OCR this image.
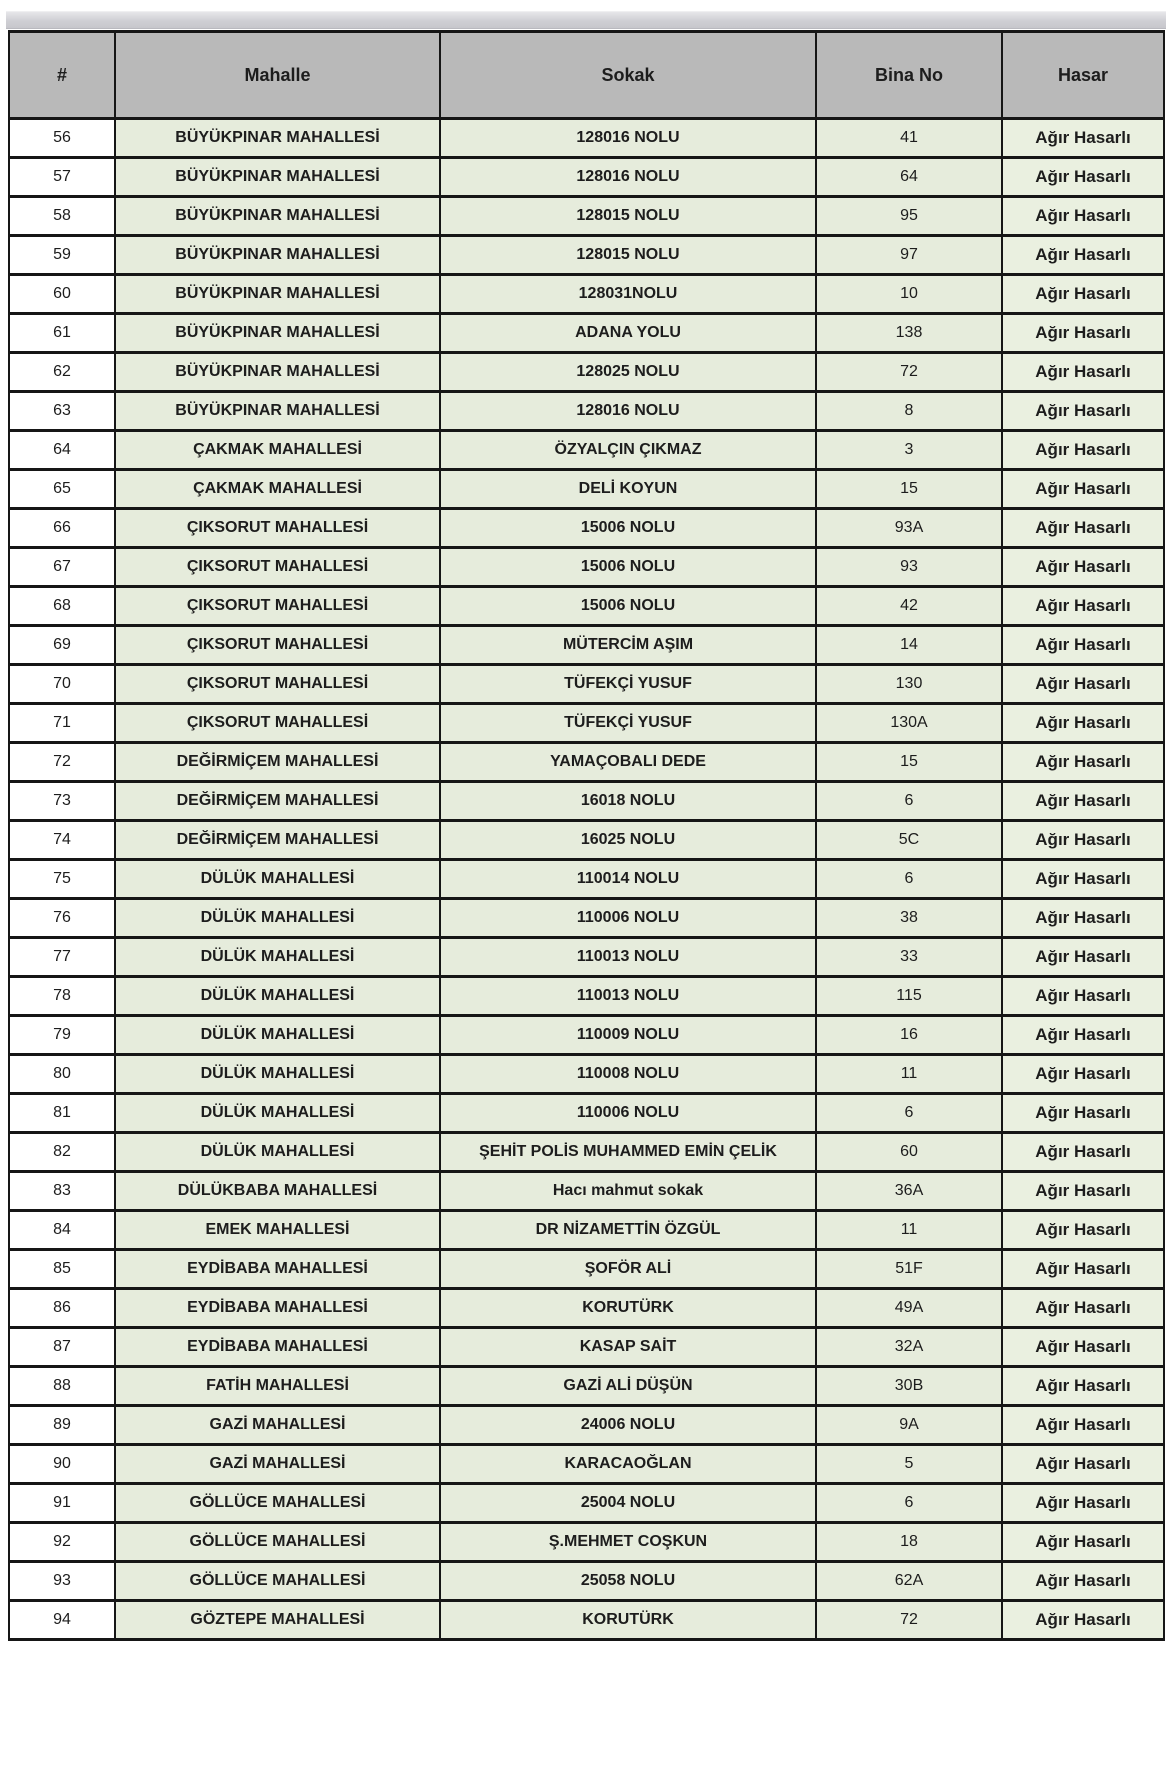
#	Mahalle	Sokak	Bina No	Hasar
56	BÜYÜKPINAR MAHALLESİ	128016 NOLU	41	Ağır Hasarlı
57	BÜYÜKPINAR MAHALLESİ	128016 NOLU	64	Ağır Hasarlı
58	BÜYÜKPINAR MAHALLESİ	128015 NOLU	95	Ağır Hasarlı
59	BÜYÜKPINAR MAHALLESİ	128015 NOLU	97	Ağır Hasarlı
60	BÜYÜKPINAR MAHALLESİ	128031NOLU	10	Ağır Hasarlı
61	BÜYÜKPINAR MAHALLESİ	ADANA YOLU	138	Ağır Hasarlı
62	BÜYÜKPINAR MAHALLESİ	128025 NOLU	72	Ağır Hasarlı
63	BÜYÜKPINAR MAHALLESİ	128016 NOLU	8	Ağır Hasarlı
64	ÇAKMAK MAHALLESİ	ÖZYALÇIN ÇIKMAZ	3	Ağır Hasarlı
65	ÇAKMAK MAHALLESİ	DELİ KOYUN	15	Ağır Hasarlı
66	ÇIKSORUT MAHALLESİ	15006 NOLU	93A	Ağır Hasarlı
67	ÇIKSORUT MAHALLESİ	15006 NOLU	93	Ağır Hasarlı
68	ÇIKSORUT MAHALLESİ	15006 NOLU	42	Ağır Hasarlı
69	ÇIKSORUT MAHALLESİ	MÜTERCİM AŞIM	14	Ağır Hasarlı
70	ÇIKSORUT MAHALLESİ	TÜFEKÇİ YUSUF	130	Ağır Hasarlı
71	ÇIKSORUT MAHALLESİ	TÜFEKÇİ YUSUF	130A	Ağır Hasarlı
72	DEĞİRMİÇEM MAHALLESİ	YAMAÇOBALI DEDE	15	Ağır Hasarlı
73	DEĞİRMİÇEM MAHALLESİ	16018 NOLU	6	Ağır Hasarlı
74	DEĞİRMİÇEM MAHALLESİ	16025 NOLU	5C	Ağır Hasarlı
75	DÜLÜK MAHALLESİ	110014 NOLU	6	Ağır Hasarlı
76	DÜLÜK MAHALLESİ	110006 NOLU	38	Ağır Hasarlı
77	DÜLÜK MAHALLESİ	110013 NOLU	33	Ağır Hasarlı
78	DÜLÜK MAHALLESİ	110013 NOLU	115	Ağır Hasarlı
79	DÜLÜK MAHALLESİ	110009 NOLU	16	Ağır Hasarlı
80	DÜLÜK MAHALLESİ	110008 NOLU	11	Ağır Hasarlı
81	DÜLÜK MAHALLESİ	110006 NOLU	6	Ağır Hasarlı
82	DÜLÜK MAHALLESİ	ŞEHİT POLİS MUHAMMED EMİN ÇELİK	60	Ağır Hasarlı
83	DÜLÜKBABA MAHALLESİ	Hacı mahmut sokak	36A	Ağır Hasarlı
84	EMEK MAHALLESİ	DR NİZAMETTİN ÖZGÜL	11	Ağır Hasarlı
85	EYDİBABA MAHALLESİ	ŞOFÖR ALİ	51F	Ağır Hasarlı
86	EYDİBABA MAHALLESİ	KORUTÜRK	49A	Ağır Hasarlı
87	EYDİBABA MAHALLESİ	KASAP SAİT	32A	Ağır Hasarlı
88	FATİH MAHALLESİ	GAZİ ALİ DÜŞÜN	30B	Ağır Hasarlı
89	GAZİ MAHALLESİ	24006 NOLU	9A	Ağır Hasarlı
90	GAZİ MAHALLESİ	KARACAOĞLAN	5	Ağır Hasarlı
91	GÖLLÜCE MAHALLESİ	25004 NOLU	6	Ağır Hasarlı
92	GÖLLÜCE MAHALLESİ	Ş.MEHMET COŞKUN	18	Ağır Hasarlı
93	GÖLLÜCE MAHALLESİ	25058 NOLU	62A	Ağır Hasarlı
94	GÖZTEPE MAHALLESİ	KORUTÜRK	72	Ağır Hasarlı
